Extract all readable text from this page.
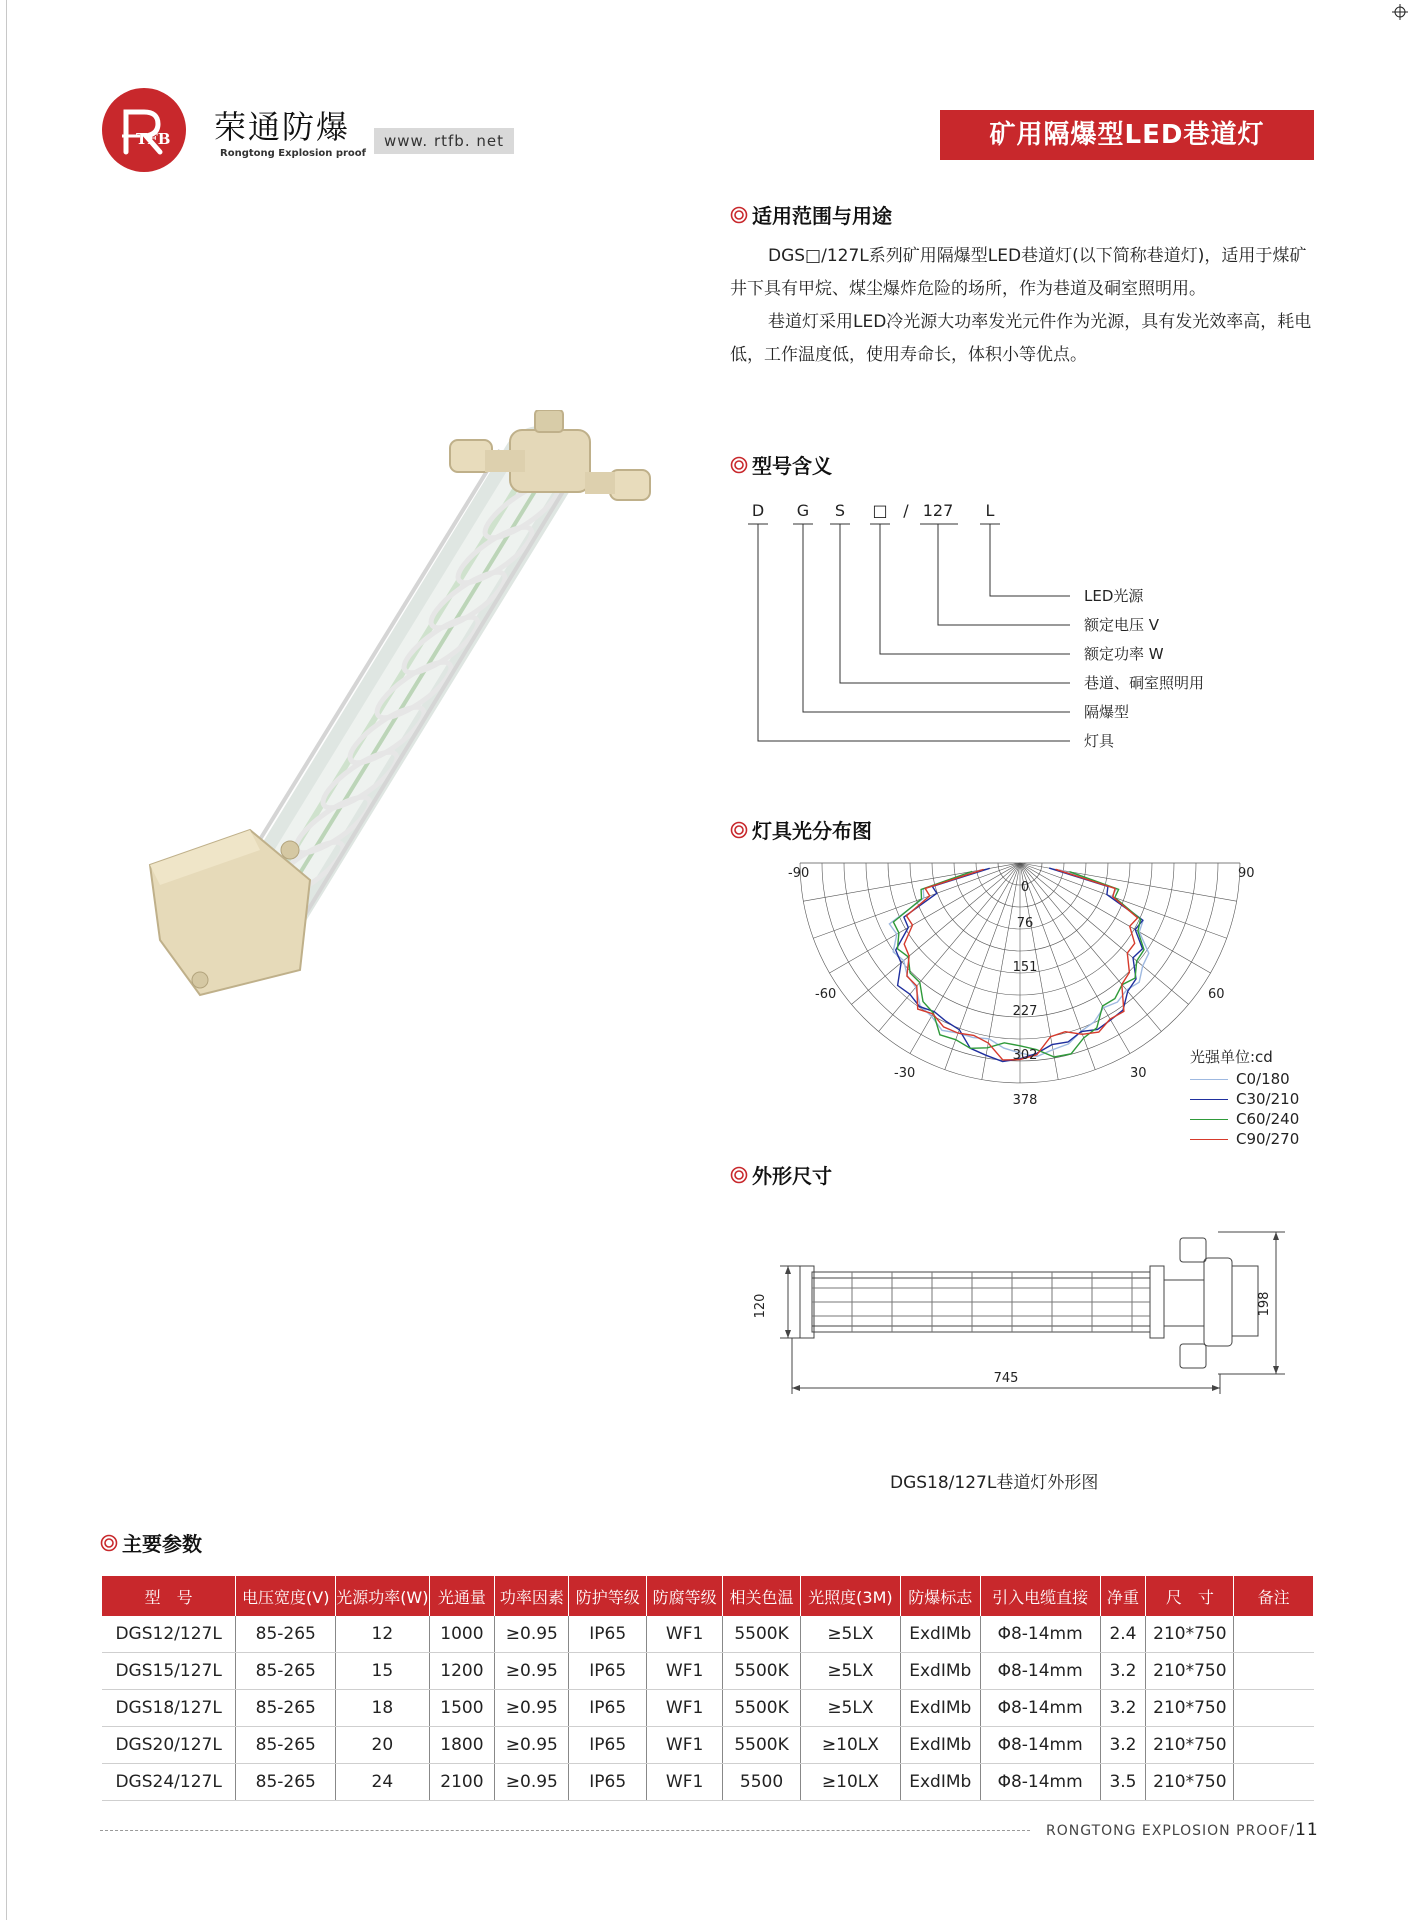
TFB 荣通防爆
Rongtong Explosion proof
www. rtfb. net	矿用隔爆型LED巷道灯
适用范围与用途

DGS□/127L系列矿用隔爆型LED巷道灯(以下简称巷道灯)，适用于煤矿井下具有甲烷、煤尘爆炸危险的场所，作为巷道及硐室照明用。

巷道灯采用LED冷光源大功率发光元件作为光源，具有发光效率高，耗电低，工作温度低，使用寿命长，体积小等优点。

型号含义
D G S □ / 127 L
LED光源
额定电压 V
额定功率 W
巷道、硐室照明用
隔爆型
灯具
灯具光分布图
-90	90
-60	60
-30	30
0
76
151
227
302
378
光强单位:cd
C0/180
C30/210
C60/240
C90/270
外形尺寸
120
745
198
DGS18/127L巷道灯外形图
主要参数
型　号	电压宽度(V)	光源功率(W)	光通量	功率因素	防护等级	防腐等级	相关色温	光照度(3M)	防爆标志	引入电缆直接	净重	尺　寸	备注
DGS12/127L	85-265	12	1000	≥0.95	IP65	WF1	5500K	≥5LX	ExdIMb	Φ8-14mm	2.4	210*750	
DGS15/127L	85-265	15	1200	≥0.95	IP65	WF1	5500K	≥5LX	ExdIMb	Φ8-14mm	3.2	210*750	
DGS18/127L	85-265	18	1500	≥0.95	IP65	WF1	5500K	≥5LX	ExdIMb	Φ8-14mm	3.2	210*750	
DGS20/127L	85-265	20	1800	≥0.95	IP65	WF1	5500K	≥10LX	ExdIMb	Φ8-14mm	3.2	210*750	
DGS24/127L	85-265	24	2100	≥0.95	IP65	WF1	5500	≥10LX	ExdIMb	Φ8-14mm	3.5	210*750	
RONGTONG EXPLOSION PROOF/11
